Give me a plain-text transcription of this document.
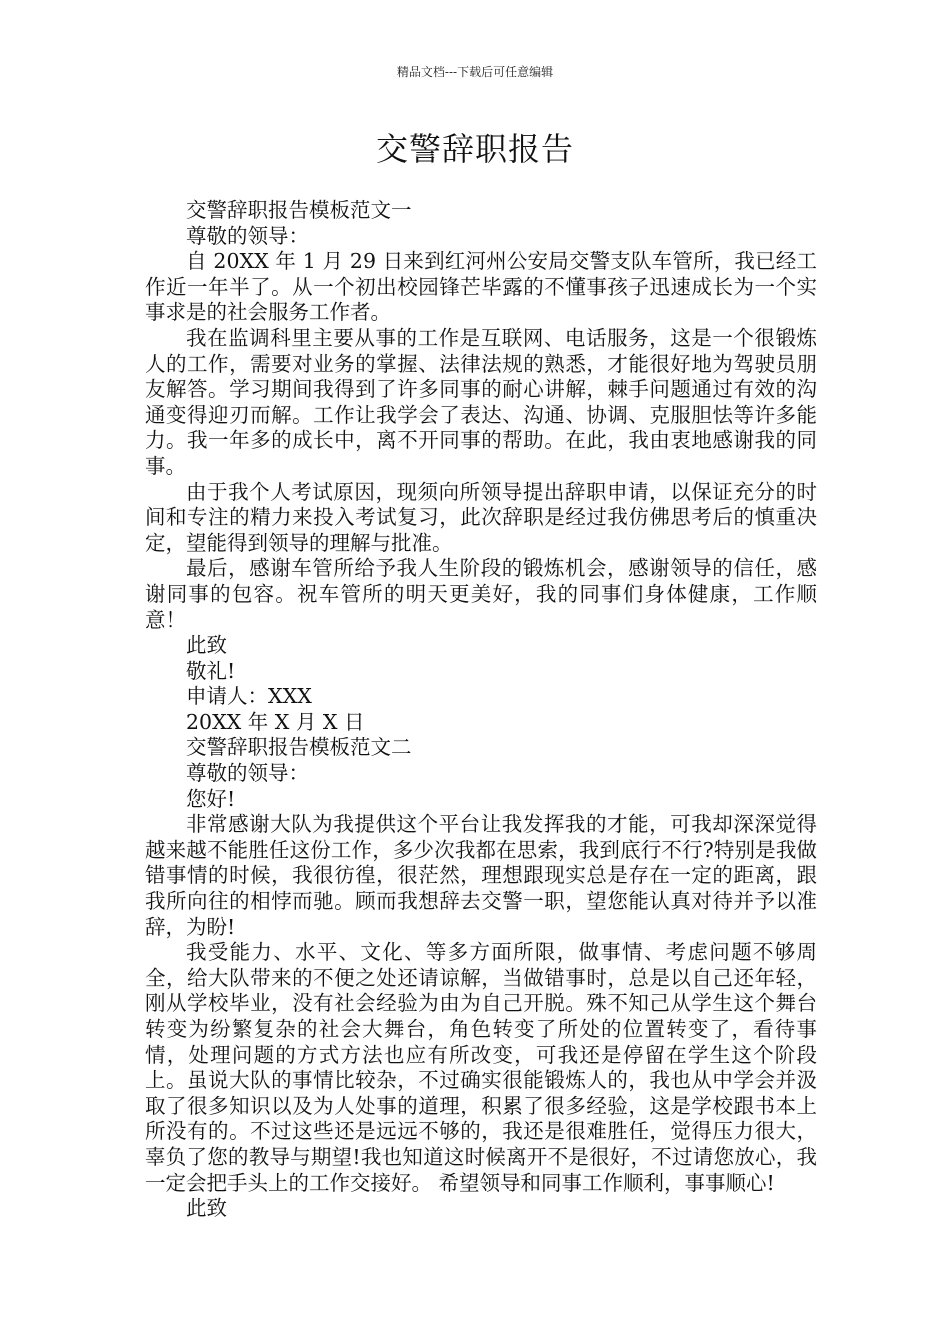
精品文档---下载后可任意编辑
交警辞职报告

交警辞职报告模板范文一

尊敬的领导：

自 20XX 年 1 月 29 日来到红河州公安局交警支队车管所，我已经工作近一年半了。从一个初出校园锋芒毕露的不懂事孩子迅速成长为一个实事求是的社会服务工作者。

我在监调科里主要从事的工作是互联网、电话服务，这是一个很锻炼人的工作，需要对业务的掌握、法律法规的熟悉，才能很好地为驾驶员朋友解答。学习期间我得到了许多同事的耐心讲解，棘手问题通过有效的沟通变得迎刃而解。工作让我学会了表达、沟通、协调、克服胆怯等许多能力。我一年多的成长中，离不开同事的帮助。在此，我由衷地感谢我的同事。

由于我个人考试原因，现须向所领导提出辞职申请，以保证充分的时间和专注的精力来投入考试复习，此次辞职是经过我仿佛思考后的慎重决定，望能得到领导的理解与批准。

最后，感谢车管所给予我人生阶段的锻炼机会，感谢领导的信任，感谢同事的包容。祝车管所的明天更美好，我的同事们身体健康，工作顺意！

此致

敬礼!

申请人：XXX

20XX 年 X 月 X 日

交警辞职报告模板范文二

尊敬的领导：

您好!

非常感谢大队为我提供这个平台让我发挥我的才能，可我却深深觉得越来越不能胜任这份工作，多少次我都在思索，我到底行不行?特别是我做错事情的时候，我很彷徨，很茫然，理想跟现实总是存在一定的距离，跟我所向往的相悖而驰。顾而我想辞去交警一职，望您能认真对待并予以准辞，为盼!

我受能力、水平、文化、等多方面所限，做事情、考虑问题不够周全，给大队带来的不便之处还请谅解，当做错事时，总是以自己还年轻，刚从学校毕业，没有社会经验为由为自己开脱。殊不知己从学生这个舞台转变为纷繁复杂的社会大舞台，角色转变了所处的位置转变了，看待事情，处理问题的方式方法也应有所改变，可我还是停留在学生这个阶段上。虽说大队的事情比较杂，不过确实很能锻炼人的，我也从中学会并汲取了很多知识以及为人处事的道理，积累了很多经验，这是学校跟书本上所没有的。不过这些还是远远不够的，我还是很难胜任，觉得压力很大，辜负了您的教导与期望!我也知道这时候离开不是很好，不过请您放心，我一定会把手头上的工作交接好。 希望领导和同事工作顺利，事事顺心!

此致
